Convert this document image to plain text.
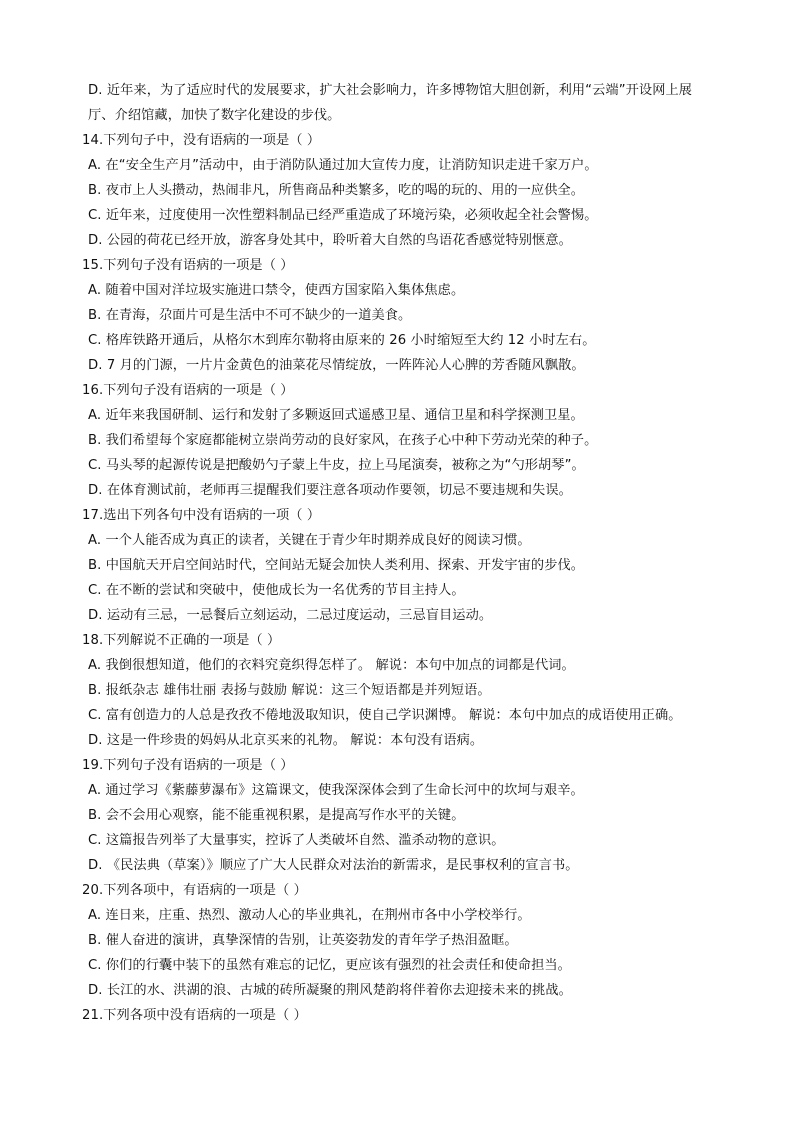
D. 近年来，为了适应时代的发展要求，扩大社会影响力，许多博物馆大胆创新，利用“云端”开设网上展
厅、介绍馆藏，加快了数字化建设的步伐。
14.下列句子中，没有语病的一项是（ ）
A. 在“安全生产月”活动中，由于消防队通过加大宣传力度，让消防知识走进千家万户。
B. 夜市上人头攒动，热闹非凡，所售商品种类繁多，吃的喝的玩的、用的一应供全。
C. 近年来，过度使用一次性塑料制品已经严重造成了环境污染，必须收起全社会警惕。
D. 公园的荷花已经开放，游客身处其中，聆听着大自然的鸟语花香感觉特别惬意。
15.下列句子没有语病的一项是（ ）
A. 随着中国对洋垃圾实施进口禁令，使西方国家陷入集体焦虑。
B. 在青海，尕面片可是生活中不可不缺少的一道美食。
C. 格库铁路开通后，从格尔木到库尔勒将由原来的 26 小时缩短至大约 12 小时左右。
D. 7 月的门源，一片片金黄色的油菜花尽情绽放，一阵阵沁人心脾的芳香随风飘散。
16.下列句子没有语病的一项是（ ）
A. 近年来我国研制、运行和发射了多颗返回式遥感卫星、通信卫星和科学探测卫星。
B. 我们希望每个家庭都能树立崇尚劳动的良好家风，在孩子心中种下劳动光荣的种子。
C. 马头琴的起源传说是把酸奶勺子蒙上牛皮，拉上马尾演奏，被称之为“勺形胡琴”。
D. 在体育测试前，老师再三提醒我们要注意各项动作要领，切忌不要违规和失误。
17.选出下列各句中没有语病的一项（ ）
A. 一个人能否成为真正的读者，关键在于青少年时期养成良好的阅读习惯。
B. 中国航天开启空间站时代，空间站无疑会加快人类利用、探索、开发宇宙的步伐。
C. 在不断的尝试和突破中，使他成长为一名优秀的节目主持人。
D. 运动有三忌，一忌餐后立刻运动，二忌过度运动，三忌盲目运动。
18.下列解说不正确的一项是（ ）
A. 我倒很想知道，他们的衣料究竟织得怎样了。 解说：本句中加点的词都是代词。
B. 报纸杂志 雄伟壮丽 表扬与鼓励 解说：这三个短语都是并列短语。
C. 富有创造力的人总是孜孜不倦地汲取知识，使自己学识渊博。 解说：本句中加点的成语使用正确。
D. 这是一件珍贵的妈妈从北京买来的礼物。 解说：本句没有语病。
19.下列句子没有语病的一项是（ ）
A. 通过学习《紫藤萝瀑布》这篇课文，使我深深体会到了生命长河中的坎坷与艰辛。
B. 会不会用心观察，能不能重视积累，是提高写作水平的关键。
C. 这篇报告列举了大量事实，控诉了人类破坏自然、滥杀动物的意识。
D. 《民法典（草案）》顺应了广大人民群众对法治的新需求，是民事权利的宣言书。
20.下列各项中，有语病的一项是（ ）
A. 连日来，庄重、热烈、激动人心的毕业典礼，在荆州市各中小学校举行。
B. 催人奋进的演讲，真挚深情的告别，让英姿勃发的青年学子热泪盈眶。
C. 你们的行囊中装下的虽然有难忘的记忆，更应该有强烈的社会责任和使命担当。
D. 长江的水、洪湖的浪、古城的砖所凝聚的荆风楚韵将伴着你去迎接未来的挑战。
21.下列各项中没有语病的一项是（ ）
